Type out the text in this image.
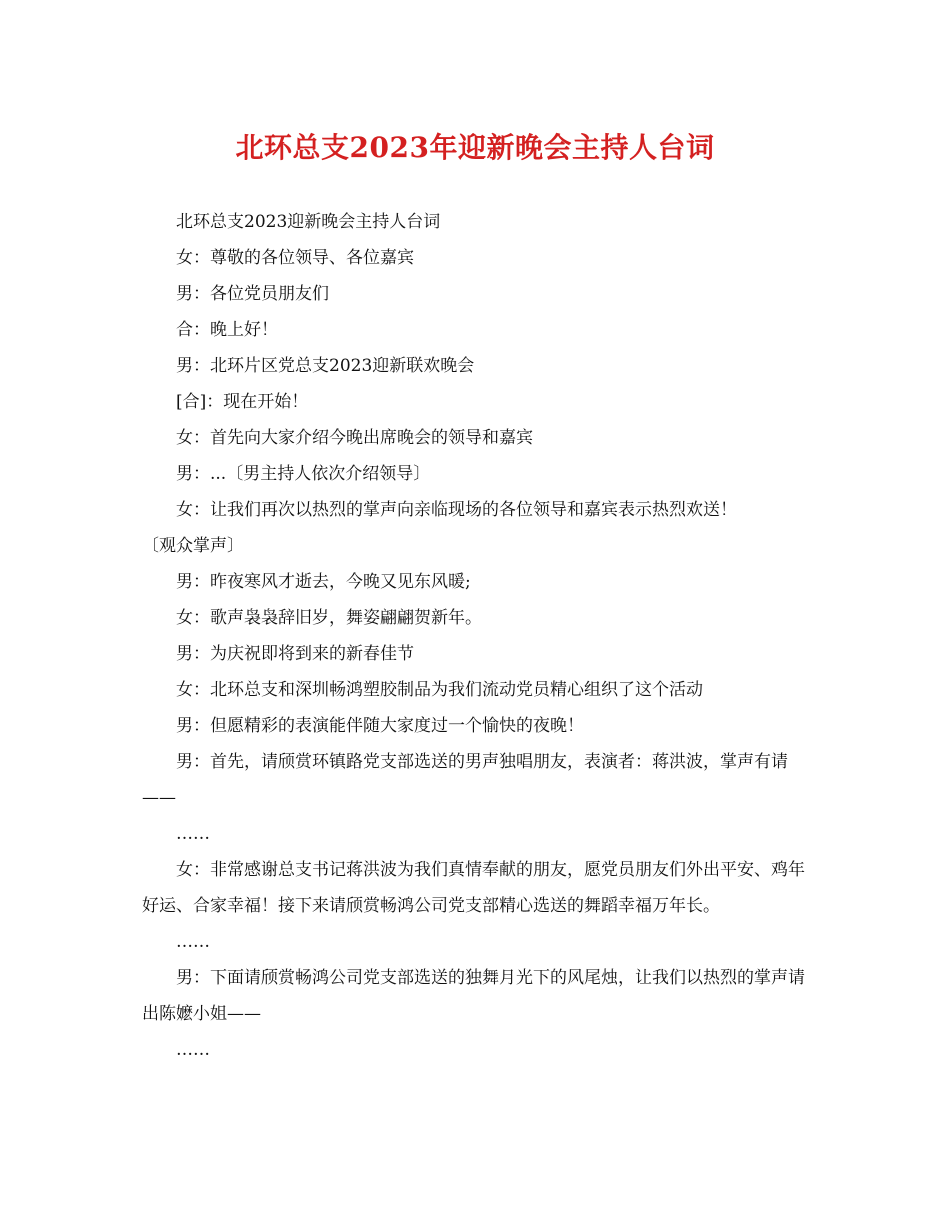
北环总支2023年迎新晚会主持人台词

北环总支2023迎新晚会主持人台词

女：尊敬的各位领导、各位嘉宾

男：各位党员朋友们

合：晚上好！

男：北环片区党总支2023迎新联欢晚会

[合]：现在开始！

女：首先向大家介绍今晚出席晚会的领导和嘉宾

男：...〔男主持人依次介绍领导〕

女：让我们再次以热烈的掌声向亲临现场的各位领导和嘉宾表示热烈欢送！

〔观众掌声〕

男：昨夜寒风才逝去，今晚又见东风暖;

女：歌声袅袅辞旧岁，舞姿翩翩贺新年。

男：为庆祝即将到来的新春佳节

女：北环总支和深圳畅鸿塑胶制品为我们流动党员精心组织了这个活动

男：但愿精彩的表演能伴随大家度过一个愉快的夜晚！

男：首先，请颀赏环镇路党支部选送的男声独唱朋友，表演者：蒋洪波，掌声有请——

……

女：非常感谢总支书记蒋洪波为我们真情奉献的朋友，愿党员朋友们外出平安、鸡年好运、合家幸福！接下来请颀赏畅鸿公司党支部精心选送的舞蹈幸福万年长。

……

男：下面请颀赏畅鸿公司党支部选送的独舞月光下的风尾烛，让我们以热烈的掌声请出陈嬷小姐——

……
